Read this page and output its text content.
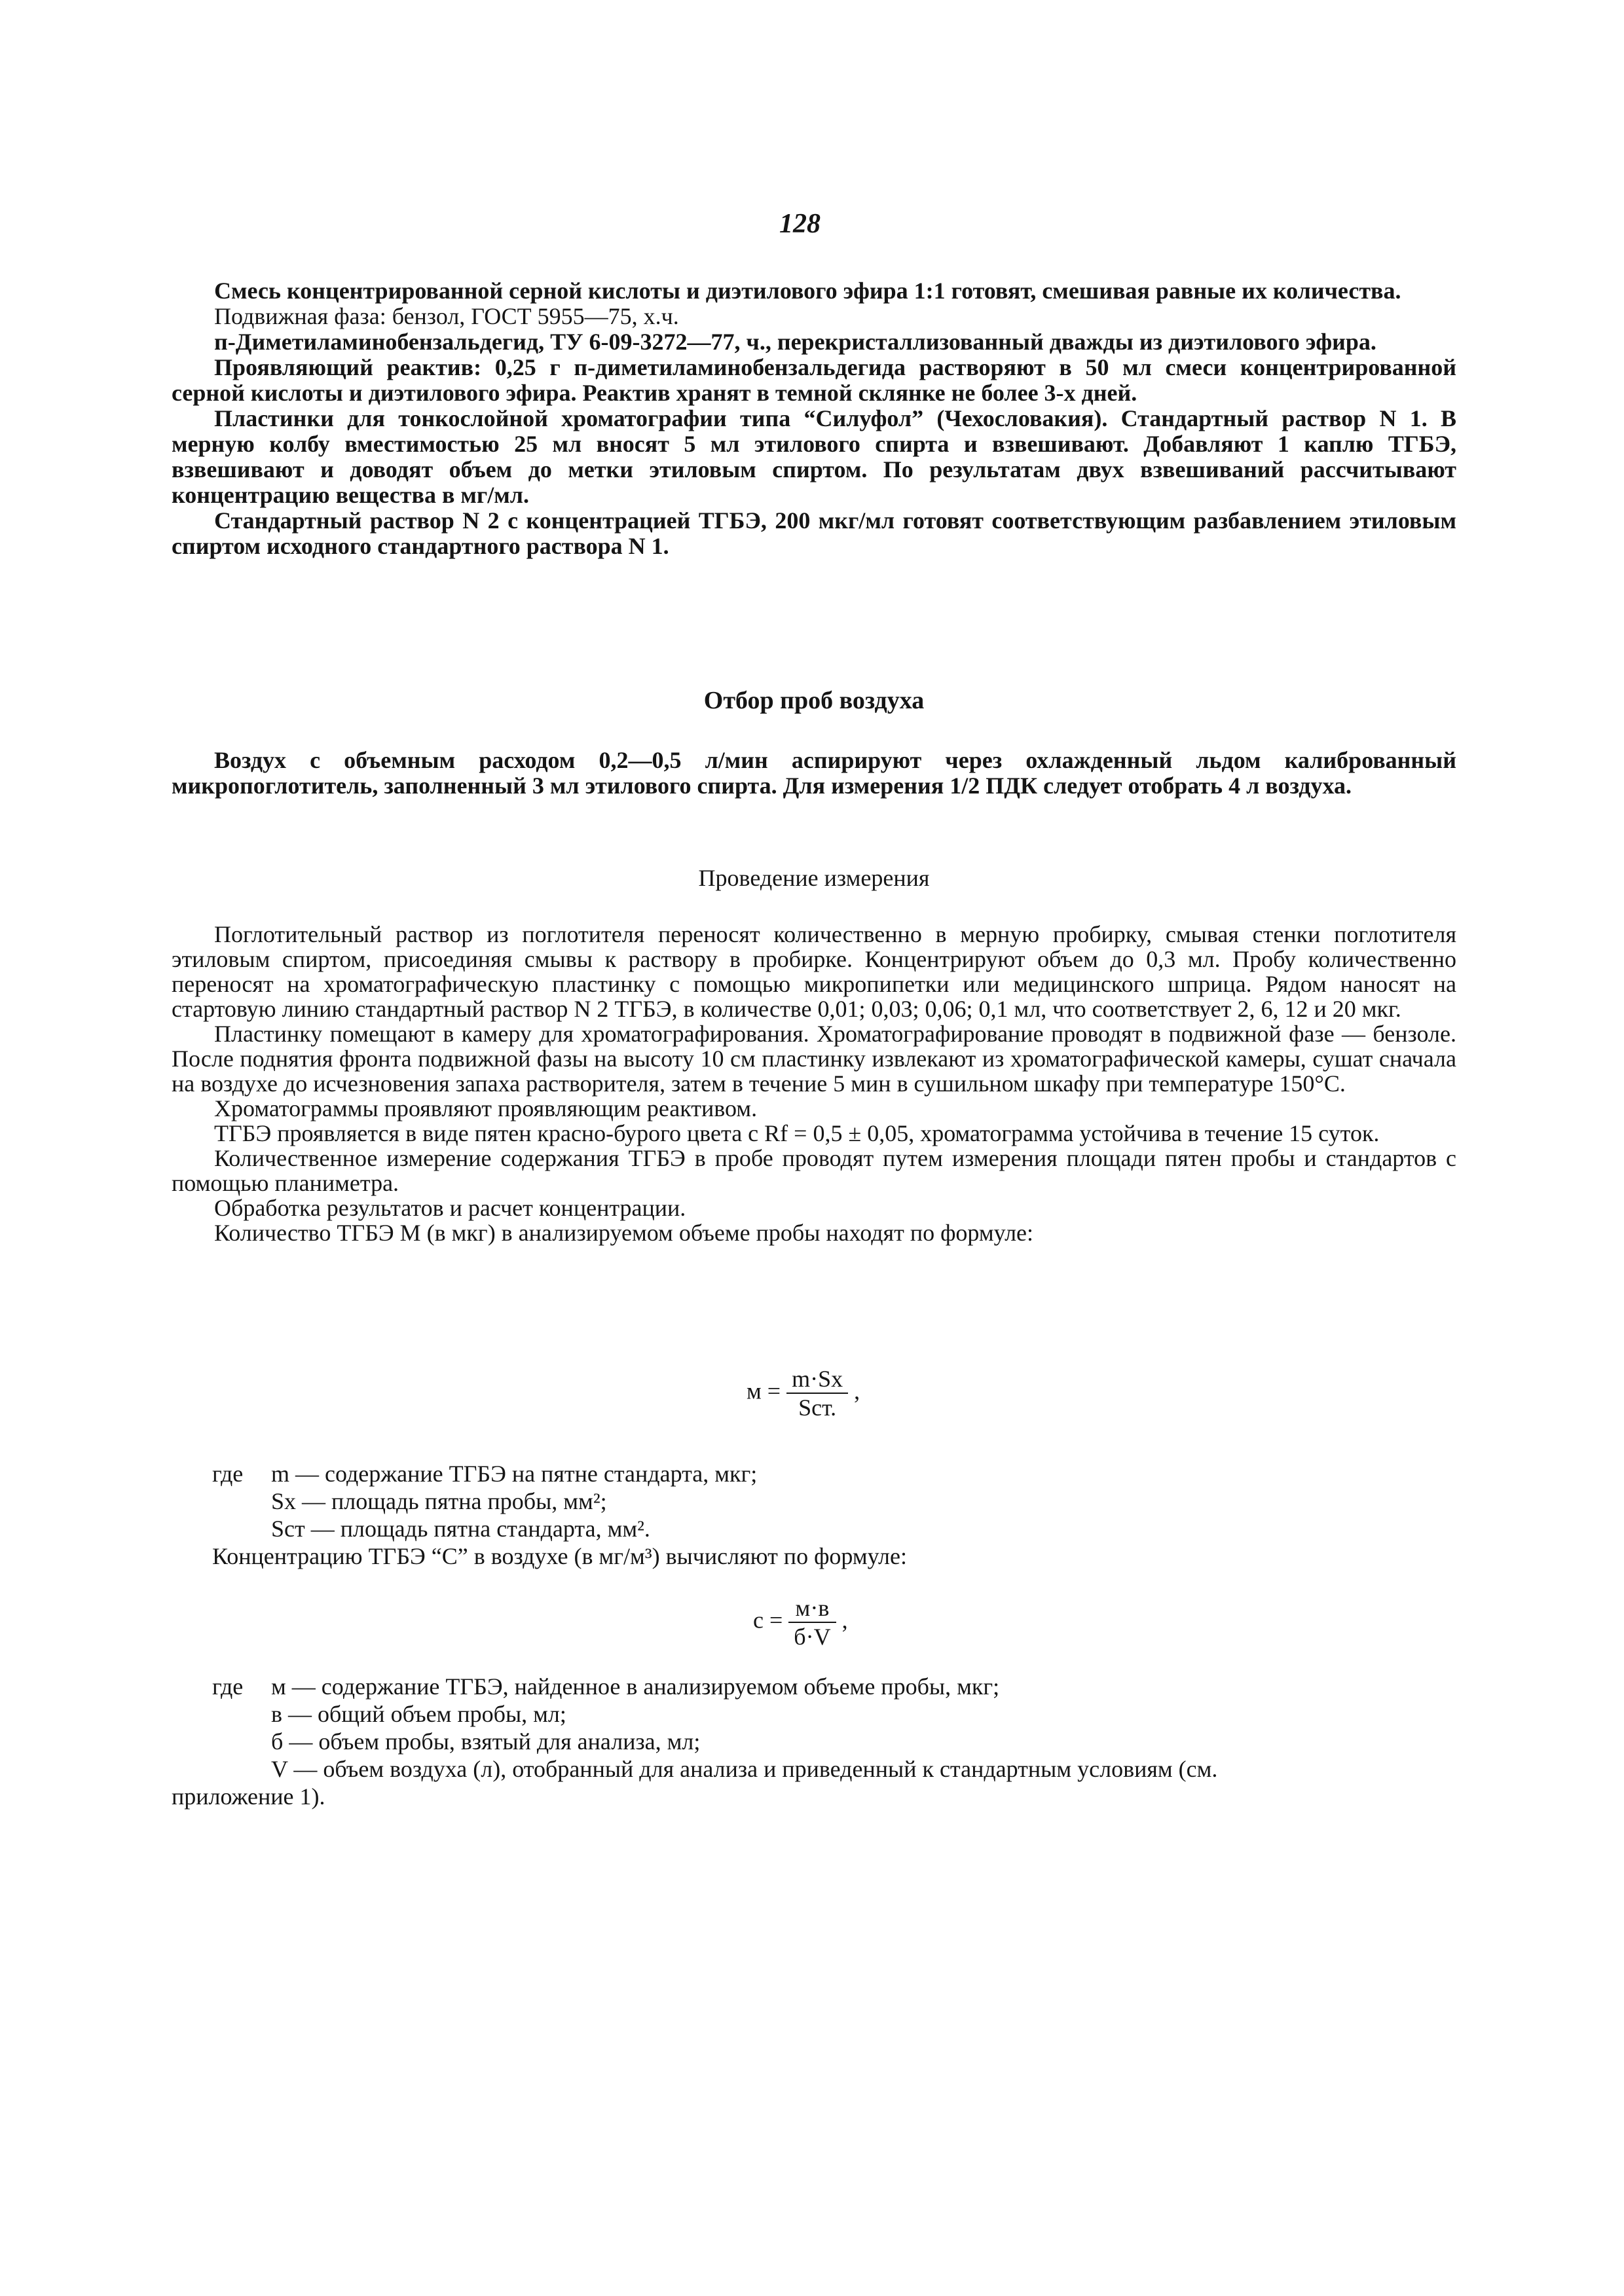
128

Смесь концентрированной серной кислоты и диэтилового эфира 1:1 готовят, смешивая равные их количества.

Подвижная фаза: бензол, ГОСТ 5955—75, х.ч.

п-Диметиламинобензальдегид, ТУ 6-09-3272—77, ч., перекристаллизованный дважды из диэтилового эфира.

Проявляющий реактив: 0,25 г п-диметиламинобензальдегида растворяют в 50 мл смеси концентрированной серной кислоты и диэтилового эфира. Реактив хранят в темной склянке не более 3-х дней.

Пластинки для тонкослойной хроматографии типа “Силуфол” (Чехословакия). Стандартный раствор N 1. В мерную колбу вместимостью 25 мл вносят 5 мл этилового спирта и взвешивают. Добавляют 1 каплю ТГБЭ, взвешивают и доводят объем до метки этиловым спиртом. По результатам двух взвешиваний рассчитывают концентрацию вещества в мг/мл.

Стандартный раствор N 2 с концентрацией ТГБЭ, 200 мкг/мл готовят соответствующим разбавлением этиловым спиртом исходного стандартного раствора N 1.

Отбор проб воздуха

Воздух с объемным расходом 0,2—0,5 л/мин аспирируют через охлажденный льдом калиброванный микропоглотитель, заполненный 3 мл этилового спирта. Для измерения 1/2 ПДК следует отобрать 4 л воздуха.

Проведение измерения

Поглотительный раствор из поглотителя переносят количественно в мерную пробирку, смывая стенки поглотителя этиловым спиртом, присоединяя смывы к раствору в пробирке. Концентрируют объем до 0,3 мл. Пробу количественно переносят на хроматографическую пластинку с помощью микропипетки или медицинского шприца. Рядом наносят на стартовую линию стандартный раствор N 2 ТГБЭ, в количестве 0,01; 0,03; 0,06; 0,1 мл, что соответствует 2, 6, 12 и 20 мкг.

Пластинку помещают в камеру для хроматографирования. Хроматографирование проводят в подвижной фазе — бензоле. После поднятия фронта подвижной фазы на высоту 10 см пластинку извлекают из хроматографической камеры, сушат сначала на воздухе до исчезновения запаха растворителя, затем в течение 5 мин в сушильном шкафу при температуре 150°С.

Хроматограммы проявляют проявляющим реактивом.

ТГБЭ проявляется в виде пятен красно-бурого цвета с Rf = 0,5 ± 0,05, хроматограмма устойчива в течение 15 суток.

Количественное измерение содержания ТГБЭ в пробе проводят путем измерения площади пятен пробы и стандартов с помощью планиметра.

Обработка результатов и расчет концентрации.

Количество ТГБЭ М (в мкг) в анализируемом объеме пробы находят по формуле:

$м = \frac{m\cdot Sx}{\text{Sст.}}$ ,
где m — содержание ТГБЭ на пятне стандарта, мкг;
Sx — площадь пятна пробы, мм²;
Sст — площадь пятна стандарта, мм².
Концентрацию ТГБЭ “С” в воздухе (в мг/м³) вычисляют по формуле:
$с = \frac{м\cdot в}{б\cdot V}$ ,
где м — содержание ТГБЭ, найденное в анализируемом объеме пробы, мкг;
в — общий объем пробы, мл;
б — объем пробы, взятый для анализа, мл;
V — объем воздуха (л), отобранный для анализа и приведенный к стандартным условиям (см.
приложение 1).
